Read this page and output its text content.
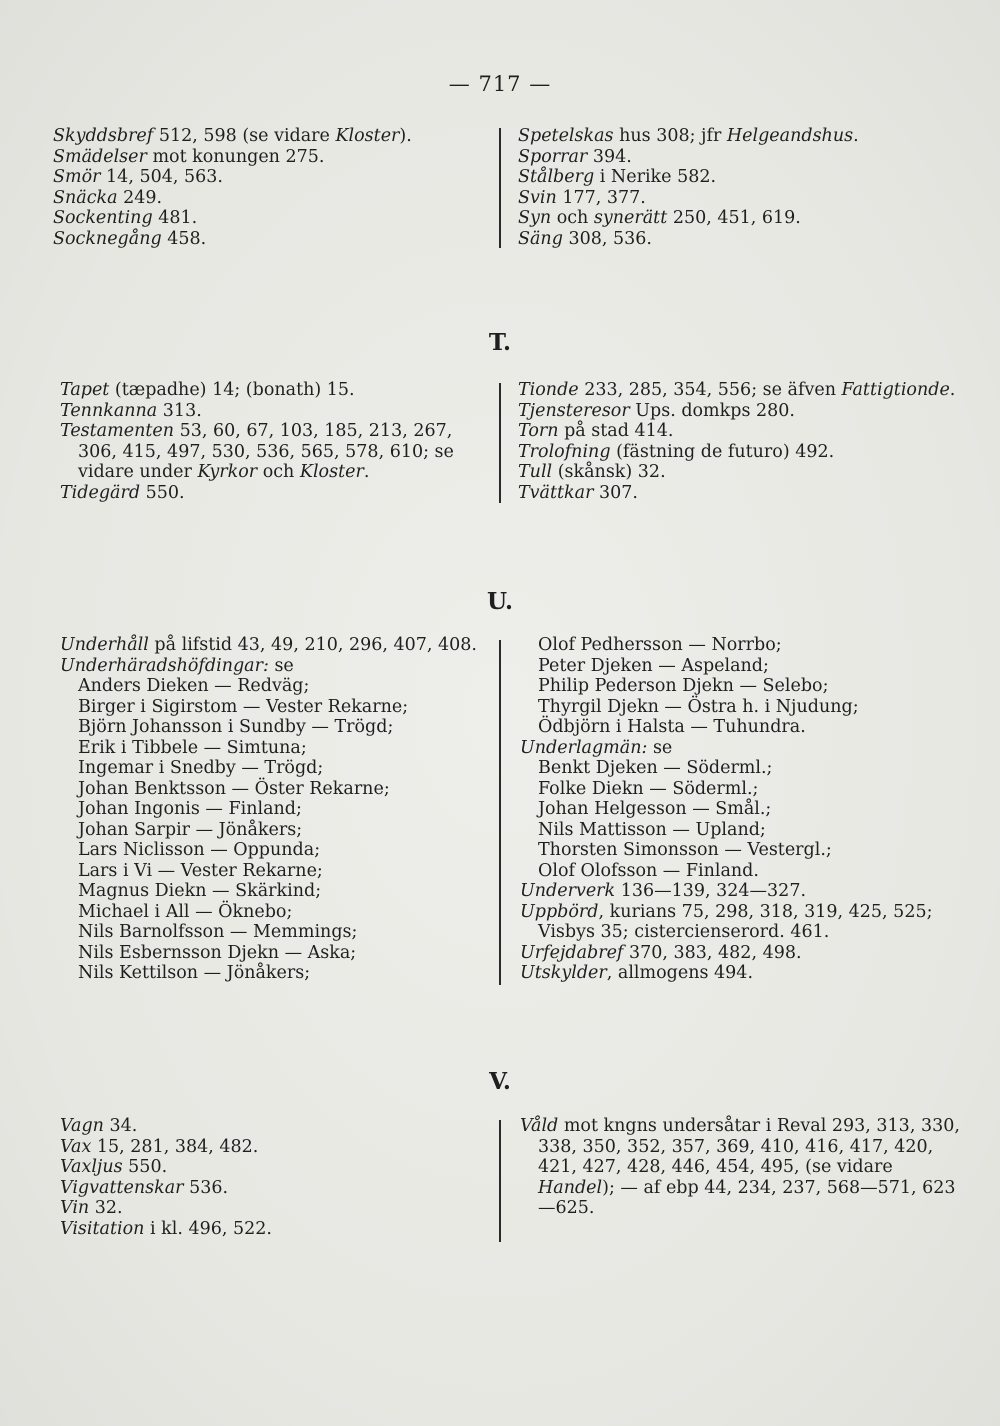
— 717 —
Skyddsbref 512, 598 (se vidare Kloster).
Smädelser mot konungen 275.
Smör 14, 504, 563.
Snäcka 249.
Sockenting 481.
Socknegång 458.
Spetelskas hus 308; jfr Helgeandshus.
Sporrar 394.
Stålberg i Nerike 582.
Svin 177, 377.
Syn och synerätt 250, 451, 619.
Säng 308, 536.
T.
Tapet (tæpadhe) 14; (bonath) 15.
Tennkanna 313.
Testamenten 53, 60, 67, 103, 185, 213, 267, 306, 415, 497, 530, 536, 565, 578, 610; se vidare under Kyrkor och Kloster.
Tidegärd 550.
Tionde 233, 285, 354, 556; se äfven Fattigtionde.
Tjensteresor Ups. domkps 280.
Torn på stad 414.
Trolofning (fästning de futuro) 492.
Tull (skånsk) 32.
Tvättkar 307.
U.
Underhåll på lifstid 43, 49, 210, 296, 407, 408.
Underhäradshöfdingar: se
Anders Dieken — Redväg;
Birger i Sigirstom — Vester Rekarne;
Björn Johansson i Sundby — Trögd;
Erik i Tibbele — Simtuna;
Ingemar i Snedby — Trögd;
Johan Benktsson — Öster Rekarne;
Johan Ingonis — Finland;
Johan Sarpir — Jönåkers;
Lars Niclisson — Oppunda;
Lars i Vi — Vester Rekarne;
Magnus Diekn — Skärkind;
Michael i All — Öknebo;
Nils Barnolfsson — Memmings;
Nils Esbernsson Djekn — Aska;
Nils Kettilson — Jönåkers;
Olof Pedhersson — Norrbo;
Peter Djeken — Aspeland;
Philip Pederson Djekn — Selebo;
Thyrgil Djekn — Östra h. i Njudung;
Ödbjörn i Halsta — Tuhundra.
Underlagmän: se
Benkt Djeken — Söderml.;
Folke Diekn — Söderml.;
Johan Helgesson — Smål.;
Nils Mattisson — Upland;
Thorsten Simonsson — Vestergl.;
Olof Olofsson — Finland.
Underverk 136—139, 324—327.
Uppbörd, kurians 75, 298, 318, 319, 425, 525; Visbys 35; cistercienserord. 461.
Urfejdabref 370, 383, 482, 498.
Utskylder, allmogens 494.
V.
Vagn 34.
Vax 15, 281, 384, 482.
Vaxljus 550.
Vigvattenskar 536.
Vin 32.
Visitation i kl. 496, 522.
Våld mot kngns undersåtar i Reval 293, 313, 330, 338, 350, 352, 357, 369, 410, 416, 417, 420, 421, 427, 428, 446, 454, 495, (se vidare Handel); — af ebp 44, 234, 237, 568—571, 623—625.
